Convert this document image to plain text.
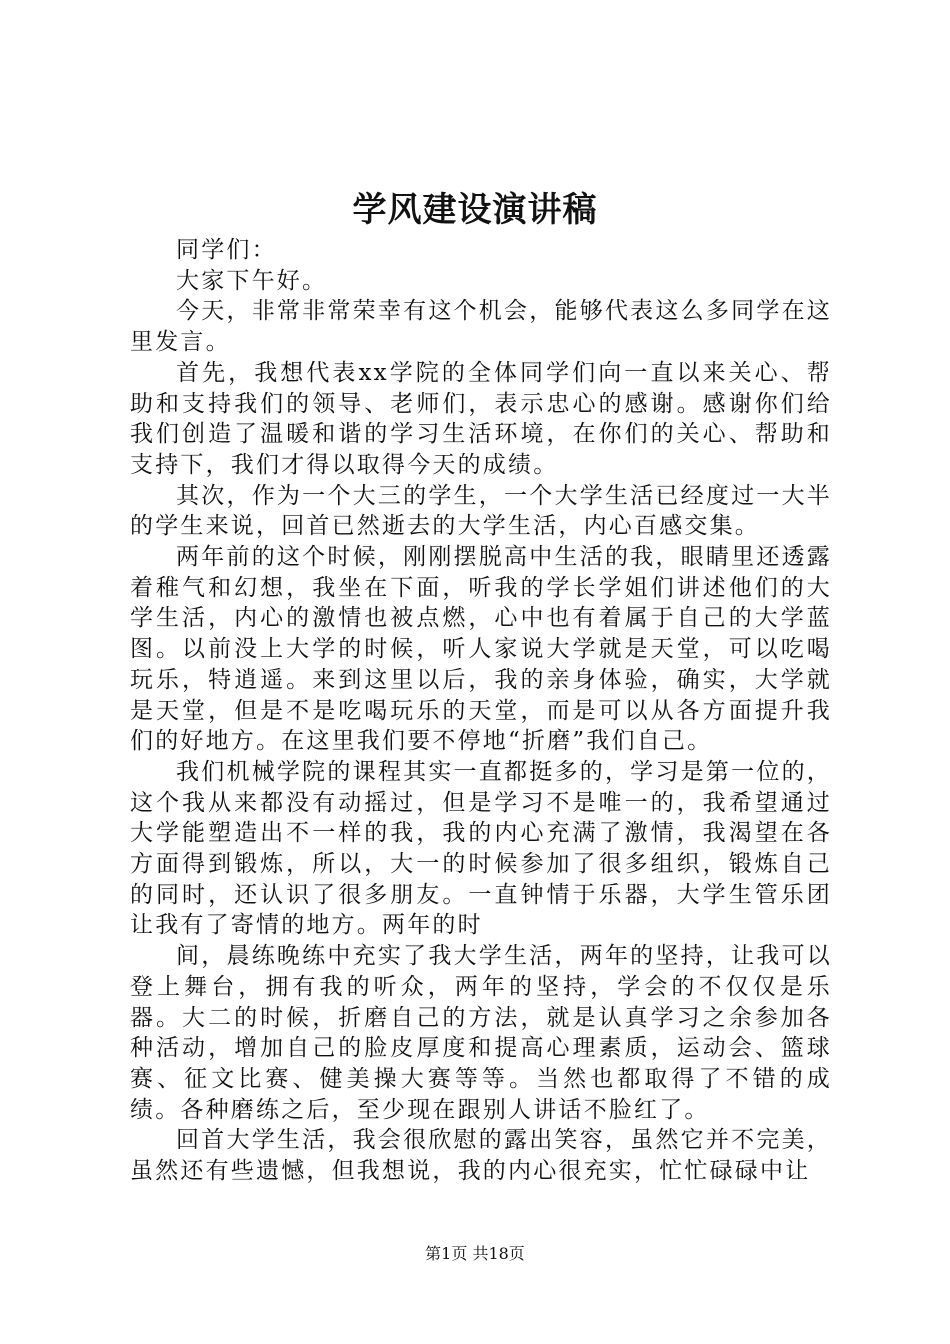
学风建设演讲稿

同学们：

大家下午好。

今天，非常非常荣幸有这个机会，能够代表这么多同学在这里发言。

首先，我想代表xx学院的全体同学们向一直以来关心、帮助和支持我们的领导、老师们，表示忠心的感谢。感谢你们给我们创造了温暖和谐的学习生活环境，在你们的关心、帮助和支持下，我们才得以取得今天的成绩。

其次，作为一个大三的学生，一个大学生活已经度过一大半的学生来说，回首已然逝去的大学生活，内心百感交集。

两年前的这个时候，刚刚摆脱高中生活的我，眼睛里还透露着稚气和幻想，我坐在下面，听我的学长学姐们讲述他们的大学生活，内心的激情也被点燃，心中也有着属于自己的大学蓝图。以前没上大学的时候，听人家说大学就是天堂，可以吃喝玩乐，特逍遥。来到这里以后，我的亲身体验，确实，大学就是天堂，但是不是吃喝玩乐的天堂，而是可以从各方面提升我们的好地方。在这里我们要不停地“折磨”我们自己。

我们机械学院的课程其实一直都挺多的，学习是第一位的，这个我从来都没有动摇过，但是学习不是唯一的，我希望通过大学能塑造出不一样的我，我的内心充满了激情，我渴望在各方面得到锻炼，所以，大一的时候参加了很多组织，锻炼自己的同时，还认识了很多朋友。一直钟情于乐器，大学生管乐团让我有了寄情的地方。两年的时

间，晨练晚练中充实了我大学生活，两年的坚持，让我可以登上舞台，拥有我的听众，两年的坚持，学会的不仅仅是乐器。大二的时候，折磨自己的方法，就是认真学习之余参加各种活动，增加自己的脸皮厚度和提高心理素质，运动会、篮球赛、征文比赛、健美操大赛等等。当然也都取得了不错的成绩。各种磨练之后，至少现在跟别人讲话不脸红了。

回首大学生活，我会很欣慰的露出笑容，虽然它并不完美，虽然还有些遗憾，但我想说，我的内心很充实，忙忙碌碌中让

第1页 共18页
